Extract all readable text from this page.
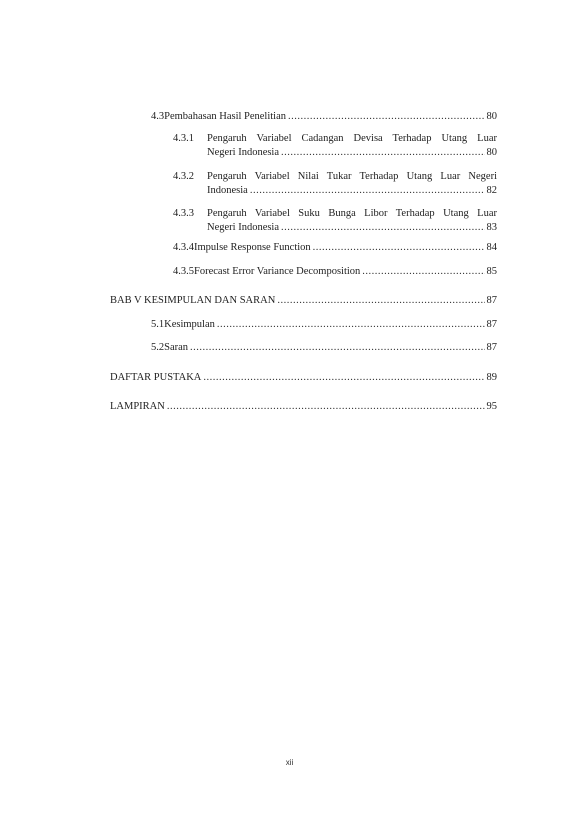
4.3 Pembahasan Hasil Penelitian .....	80
4.3.1	Pengaruh Variabel Cadangan Devisa Terhadap Utang Luar
Negeri Indonesia .....	80
4.3.2	Pengaruh Variabel Nilai Tukar Terhadap Utang Luar Negeri
Indonesia .....	82
4.3.3	Pengaruh Variabel Suku Bunga Libor Terhadap Utang Luar
Negeri Indonesia .....	83
4.3.4 Impulse Response Function .....	84
4.3.5 Forecast Error Variance Decomposition .....	85
BAB V KESIMPULAN DAN SARAN .....	87
5.1 Kesimpulan .....	87
5.2 Saran .....	87
DAFTAR PUSTAKA .....	89
LAMPIRAN .....	95
xii
